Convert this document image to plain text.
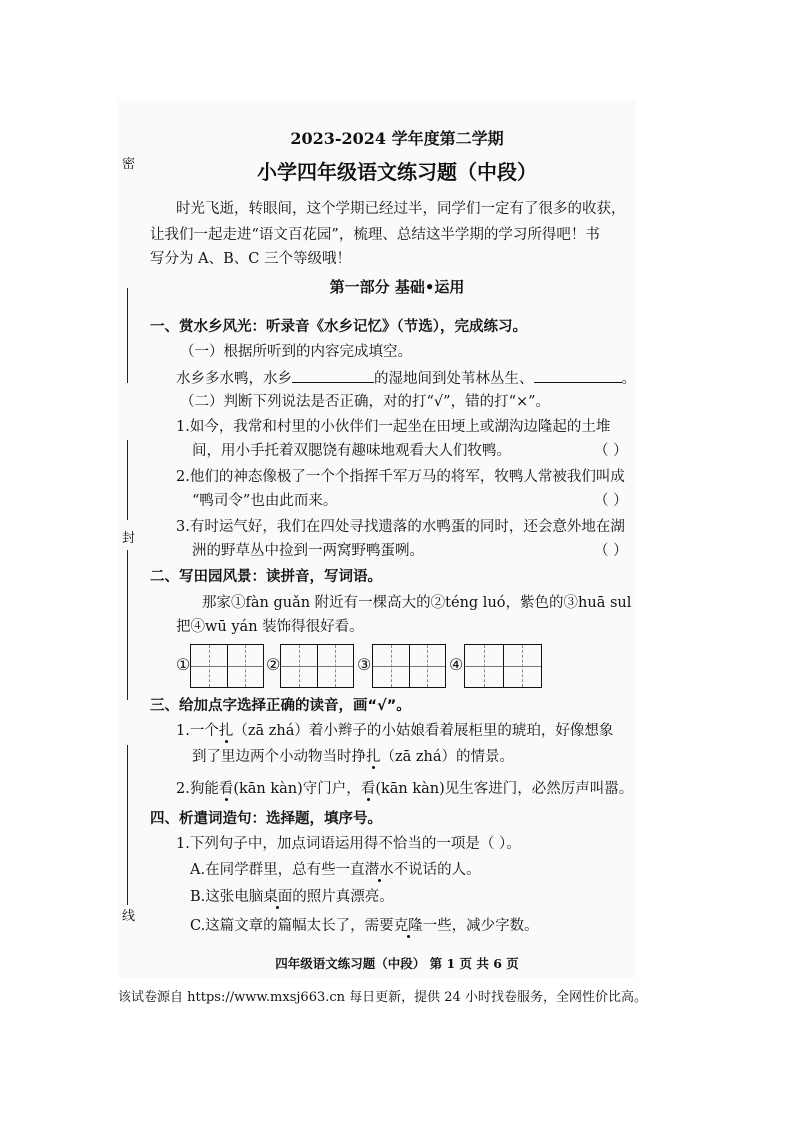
密
封
线
2023-2024 学年度第二学期
小学四年级语文练习题（中段）
时光飞逝，转眼间，这个学期已经过半，同学们一定有了很多的收获，
让我们一起走进“语文百花园”，梳理、总结这半学期的学习所得吧！书
写分为 A、B、C 三个等级哦！
第一部分 基础•运用
一、赏水乡风光：听录音《水乡记忆》（节选），完成练习。
（一）根据所听到的内容完成填空。
水乡多水鸭，水乡	的湿地间到处苇林丛生、	。
（二）判断下列说法是否正确，对的打“√”，错的打“×”。
1.如今，我常和村里的小伙伴们一起坐在田埂上或湖沟边隆起的土堆
间，用小手托着双腮饶有趣味地观看大人们牧鸭。	（ ）
2.他们的神态像极了一个个指挥千军万马的将军，牧鸭人常被我们叫成
“鸭司令”也由此而来。	（ ）
3.有时运气好，我们在四处寻找遗落的水鸭蛋的同时，还会意外地在湖
洲的野草丛中捡到一两窝野鸭蛋咧。	（ ）
二、写田园风景：读拼音，写词语。
那家①fàn guǎn 附近有一棵高大的②téng luó，紫色的③huā sul
把④wū yán 装饰得很好看。
①	②	③	④
三、给加点字选择正确的读音，画“√”。
1.一个扎（zā zhá）着小辫子的小姑娘看着展柜里的琥珀，好像想象
到了里边两个小动物当时挣扎（zā zhá）的情景。
2.狗能看(kān kàn)守门户，看(kān kàn)见生客进门，必然厉声叫嚣。
四、析遣词造句：选择题，填序号。
1.下列句子中，加点词语运用得不恰当的一项是（ ）。
A.在同学群里，总有些一直潜水不说话的人。
B.这张电脑桌面的照片真漂亮。
C.这篇文章的篇幅太长了，需要克隆一些，减少字数。
四年级语文练习题（中段） 第 1 页 共 6 页
该试卷源自 https://www.mxsj663.cn 每日更新，提供 24 小时找卷服务，全网性价比高。
